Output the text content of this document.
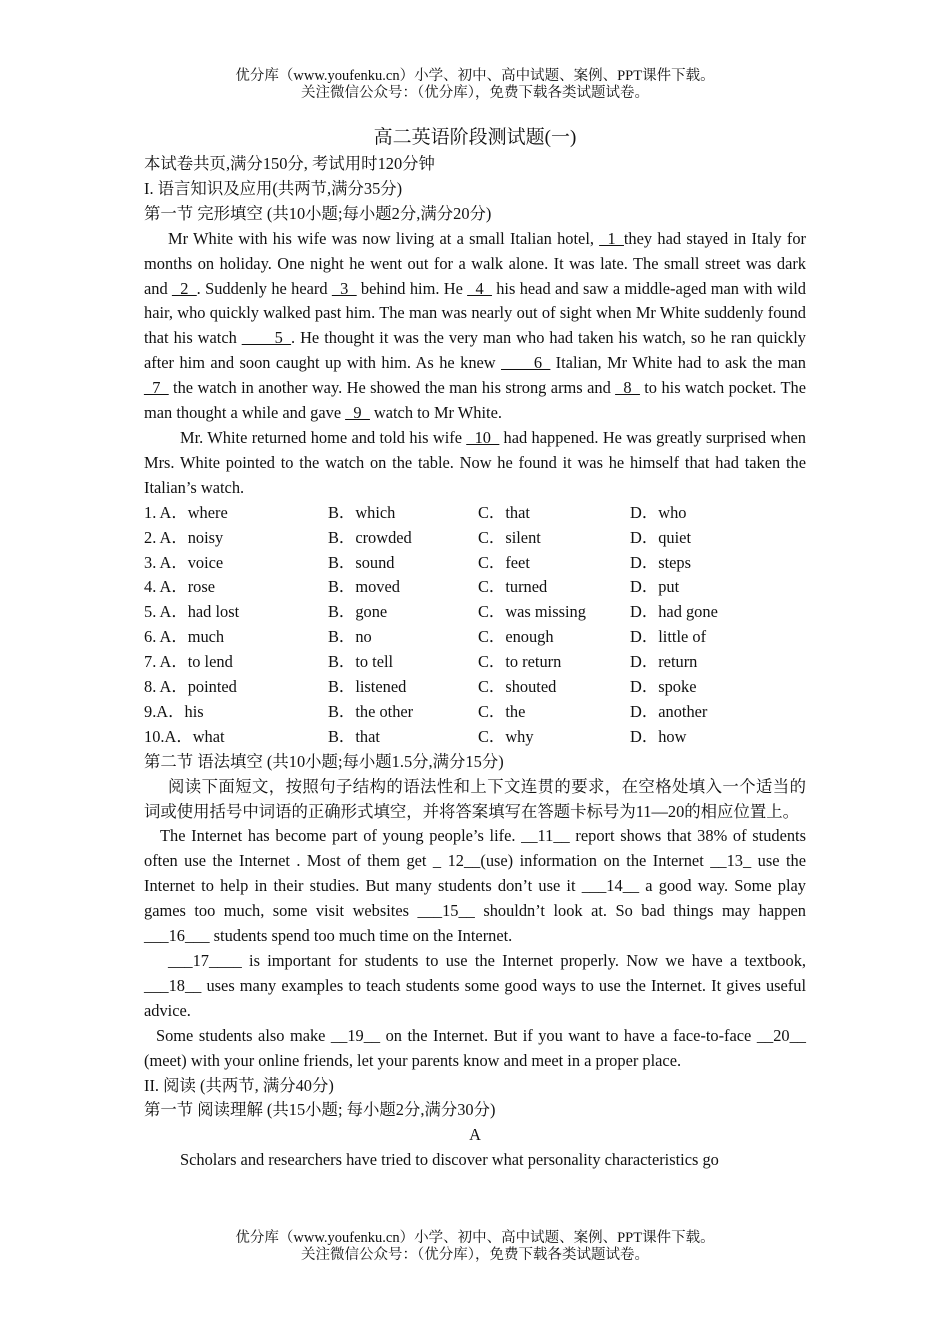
优分库（www.youfenku.cn）小学、初中、高中试题、案例、PPT课件下载。
关注微信公众号：（优分库），免费下载各类试题试卷。

高二英语阶段测试题(一)

本试卷共页,满分150分, 考试用时120分钟

I. 语言知识及应用(共两节,满分35分)

第一节 完形填空 (共10小题;每小题2分,满分20分)

Mr White with his wife was now living at a small Italian hotel, _1_they had stayed in Italy for months on holiday. One night he went out for a walk alone. It was late. The small street was dark and _2_. Suddenly he heard _3_ behind him. He _4_ his head and saw a middle-aged man with wild hair, who quickly walked past him. The man was nearly out of sight when Mr White suddenly found that his watch ____5_. He thought it was the very man who had taken his watch, so he ran quickly after him and soon caught up with him. As he knew ____6_ Italian, Mr White had to ask the man _7_ the watch in another way. He showed the man his strong arms and _8_ to his watch pocket. The man thought a while and gave _9_ watch to Mr White.

Mr. White returned home and told his wife _10_ had happened. He was greatly surprised when Mrs. White pointed to the watch on the table. Now he found it was he himself that had taken the Italian’s watch.

1. A．where	B．which	C．that	D．who
2. A．noisy	B．crowded	C．silent	D．quiet
3. A．voice	B．sound	C．feet	D．steps
4. A．rose	B．moved	C．turned	D．put
5. A．had lost	B．gone	C．was missing	D．had gone
6. A．much	B．no	C．enough	D．little of
7. A．to lend	B．to tell	C．to return	D．return
8. A．pointed	B．listened	C．shouted	D．spoke
9.A．his	B．the other	C．the	D．another
10.A．what	B．that	C．why	D．how

第二节 语法填空 (共10小题;每小题1.5分,满分15分)

阅读下面短文，按照句子结构的语法性和上下文连贯的要求，在空格处填入一个适当的词或使用括号中词语的正确形式填空，并将答案填写在答题卡标号为11—20的相应位置上。

The Internet has become part of young people’s life. __11__ report shows that 38% of students often use the Internet . Most of them get _ 12__(use) information on the Internet __13_ use the Internet to help in their studies. But many students don’t use it ___14__ a good way. Some play games too much, some visit websites ___15__ shouldn’t look at. So bad things may happen ___16___ students spend too much time on the Internet.

___17____ is important for students to use the Internet properly. Now we have a textbook, ___18__ uses many examples to teach students some good ways to use the Internet. It gives useful advice.

Some students also make __19__ on the Internet. But if you want to have a face-to-face __20__ (meet) with your online friends, let your parents know and meet in a proper place.

II. 阅读 (共两节, 满分40分)

第一节 阅读理解 (共15小题; 每小题2分,满分30分)

A

Scholars and researchers have tried to discover what personality characteristics go

优分库（www.youfenku.cn）小学、初中、高中试题、案例、PPT课件下载。
关注微信公众号：（优分库），免费下载各类试题试卷。
